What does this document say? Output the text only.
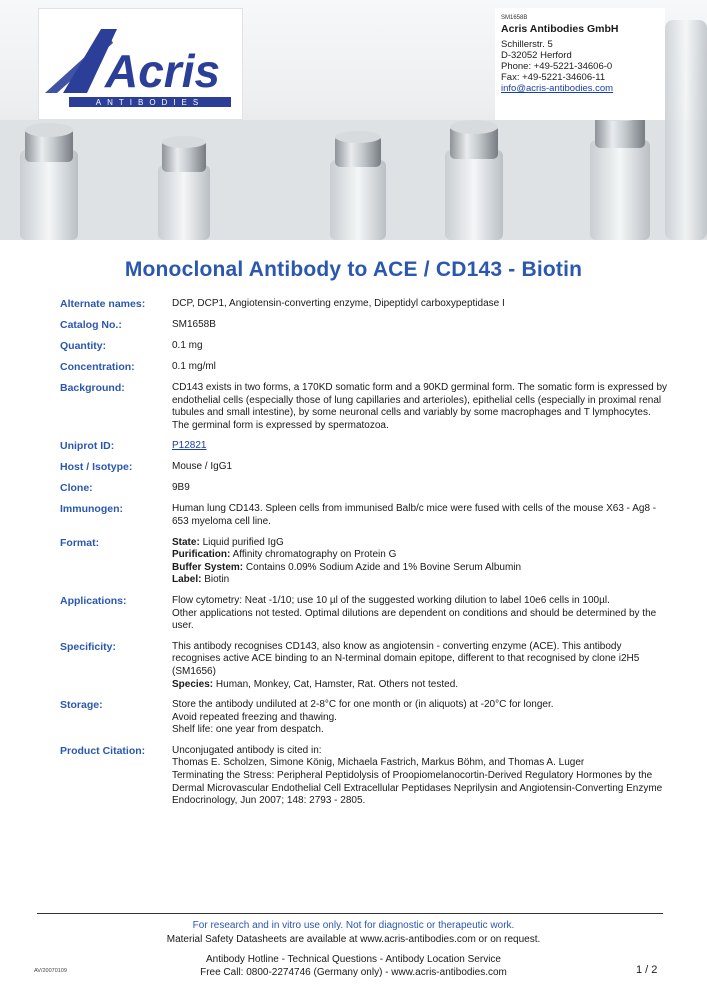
Acris
ANTIBODIES
SM1658B
Acris Antibodies GmbH
Schillerstr. 5
D-32052 Herford
Phone: +49-5221-34606-0
Fax: +49-5221-34606-11
info@acris-antibodies.com
Monoclonal Antibody to ACE / CD143 - Biotin
Alternate names:	DCP, DCP1, Angiotensin-converting enzyme, Dipeptidyl carboxypeptidase I
Catalog No.:	SM1658B
Quantity:	0.1 mg
Concentration:	0.1 mg/ml
Background:	CD143 exists in two forms, a 170KD somatic form and a 90KD germinal form. The somatic form is expressed by endothelial cells (especially those of lung capillaries and arterioles), epithelial cells (especially in proximal renal tubules and small intestine), by some neuronal cells and variably by some macrophages and T lymphocytes. The germinal form is expressed by spermatozoa.
Uniprot ID:	P12821
Host / Isotype:	Mouse / IgG1
Clone:	9B9
Immunogen:	Human lung CD143. Spleen cells from immunised Balb/c mice were fused with cells of the mouse X63 - Ag8 - 653 myeloma cell line.
Format:	State: Liquid purified IgG
Purification: Affinity chromatography on Protein G
Buffer System: Contains 0.09% Sodium Azide and 1% Bovine Serum Albumin
Label: Biotin
Applications:	Flow cytometry: Neat -1/10; use 10 µl of the suggested working dilution to label 10e6 cells in 100µl.
Other applications not tested. Optimal dilutions are dependent on conditions and should be determined by the user.
Specificity:	This antibody recognises CD143, also know as angiotensin - converting enzyme (ACE). This antibody recognises active ACE binding to an N-terminal domain epitope, different to that recognised by clone i2H5 (SM1656)
Species: Human, Monkey, Cat, Hamster, Rat. Others not tested.
Storage:	Store the antibody undiluted at 2-8°C for one month or (in aliquots) at -20°C for longer.
Avoid repeated freezing and thawing.
Shelf life: one year from despatch.
Product Citation:	Unconjugated antibody is cited in:
Thomas E. Scholzen, Simone König, Michaela Fastrich, Markus Böhm, and Thomas A. Luger
Terminating the Stress: Peripheral Peptidolysis of Proopiomelanocortin-Derived Regulatory Hormones by the Dermal Microvascular Endothelial Cell Extracellular Peptidases Neprilysin and Angiotensin-Converting Enzyme
Endocrinology, Jun 2007; 148: 2793 - 2805.
For research and in vitro use only. Not for diagnostic or therapeutic work.
Material Safety Datasheets are available at www.acris-antibodies.com or on request.
Antibody Hotline - Technical Questions - Antibody Location Service
Free Call: 0800-2274746 (Germany only) - www.acris-antibodies.com
AV/20070109	1 / 2
